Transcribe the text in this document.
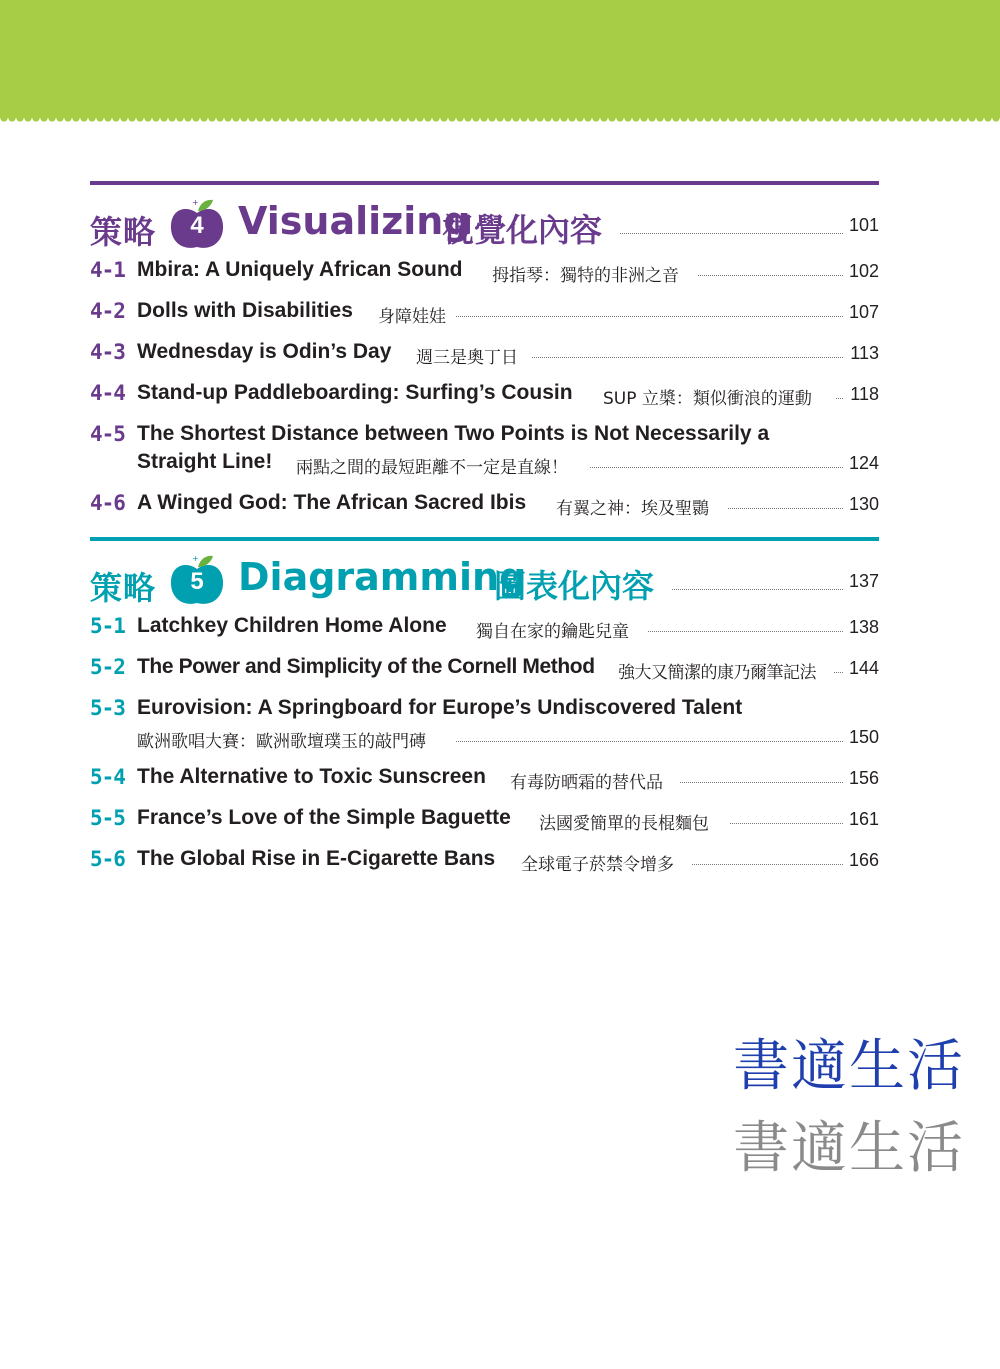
策略
+
4 Visualizing
視覺化內容	101
4-1 Mbira: A Uniquely African Sound 拇指琴：獨特的非洲之音	102
4-2 Dolls with Disabilities 身障娃娃	107
4-3 Wednesday is Odin’s Day 週三是奧丁日	113
4-4 Stand-up Paddleboarding: Surfing’s Cousin SUP 立槳：類似衝浪的運動 118
4-5 The Shortest Distance between Two Points is Not Necessarily a
Straight Line! 兩點之間的最短距離不一定是直線！	124
4-6 A Winged God: The African Sacred Ibis 有翼之神：埃及聖䴉	130
策略
+
5 Diagramming
圖表化內容	137
5-1 Latchkey Children Home Alone 獨自在家的鑰匙兒童	138
5-2 The Power and Simplicity of the Cornell Method 強大又簡潔的康乃爾筆記法 144
5-3 Eurovision: A Springboard for Europe’s Undiscovered Talent
歐洲歌唱大賽：歐洲歌壇璞玉的敲門磚	150
5-4 The Alternative to Toxic Sunscreen 有毒防晒霜的替代品	156
5-5 France’s Love of the Simple Baguette 法國愛簡單的長棍麵包	161
5-6 The Global Rise in E-Cigarette Bans 全球電子菸禁令增多	166
書適生活
書適生活
